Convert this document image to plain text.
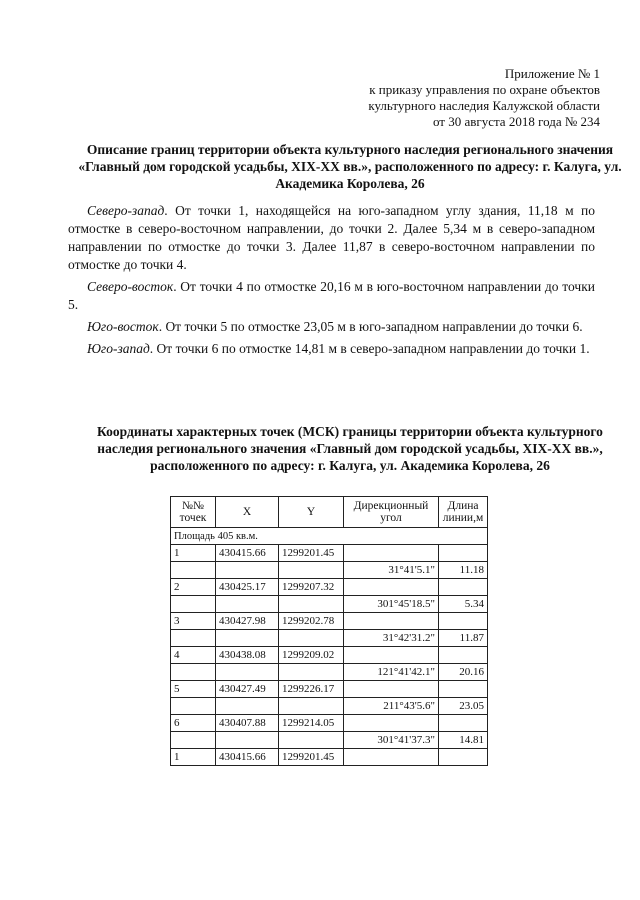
Приложение № 1
к приказу управления по охране объектов
культурного наследия Калужской области
от 30 августа 2018 года № 234
Описание границ территории объекта культурного наследия регионального значения «Главный дом городской усадьбы, XIX-XX вв.», расположенного по адресу: г. Калуга, ул. Академика Королева, 26

Северо-запад. От точки 1, находящейся на юго-западном углу здания, 11,18 м по отмостке в северо-восточном направлении, до точки 2. Далее 5,34 м в северо-западном направлении по отмостке до точки 3. Далее 11,87 в северо-восточном направлении по отмостке до точки 4.

Северо-восток. От точки 4 по отмостке 20,16 м в юго-восточном направлении до точки 5.

Юго-восток. От точки 5 по отмостке 23,05 м в юго-западном направлении до точки 6.

Юго-запад. От точки 6 по отмостке 14,81 м в северо-западном направлении до точки 1.

Координаты характерных точек (МСК) границы территории объекта культурного наследия регионального значения «Главный дом городской усадьбы, XIX-XX вв.», расположенного по адресу: г. Калуга, ул. Академика Королева, 26
№№ точек	X	Y	Дирекционный угол	Длина линии,м
Площадь 405 кв.м.				
1	430415.66	1299201.45		
			31°41'5.1"	11.18
2	430425.17	1299207.32		
			301°45'18.5"	5.34
3	430427.98	1299202.78		
			31°42'31.2"	11.87
4	430438.08	1299209.02		
			121°41'42.1"	20.16
5	430427.49	1299226.17		
			211°43'5.6"	23.05
6	430407.88	1299214.05		
			301°41'37.3"	14.81
1	430415.66	1299201.45		
